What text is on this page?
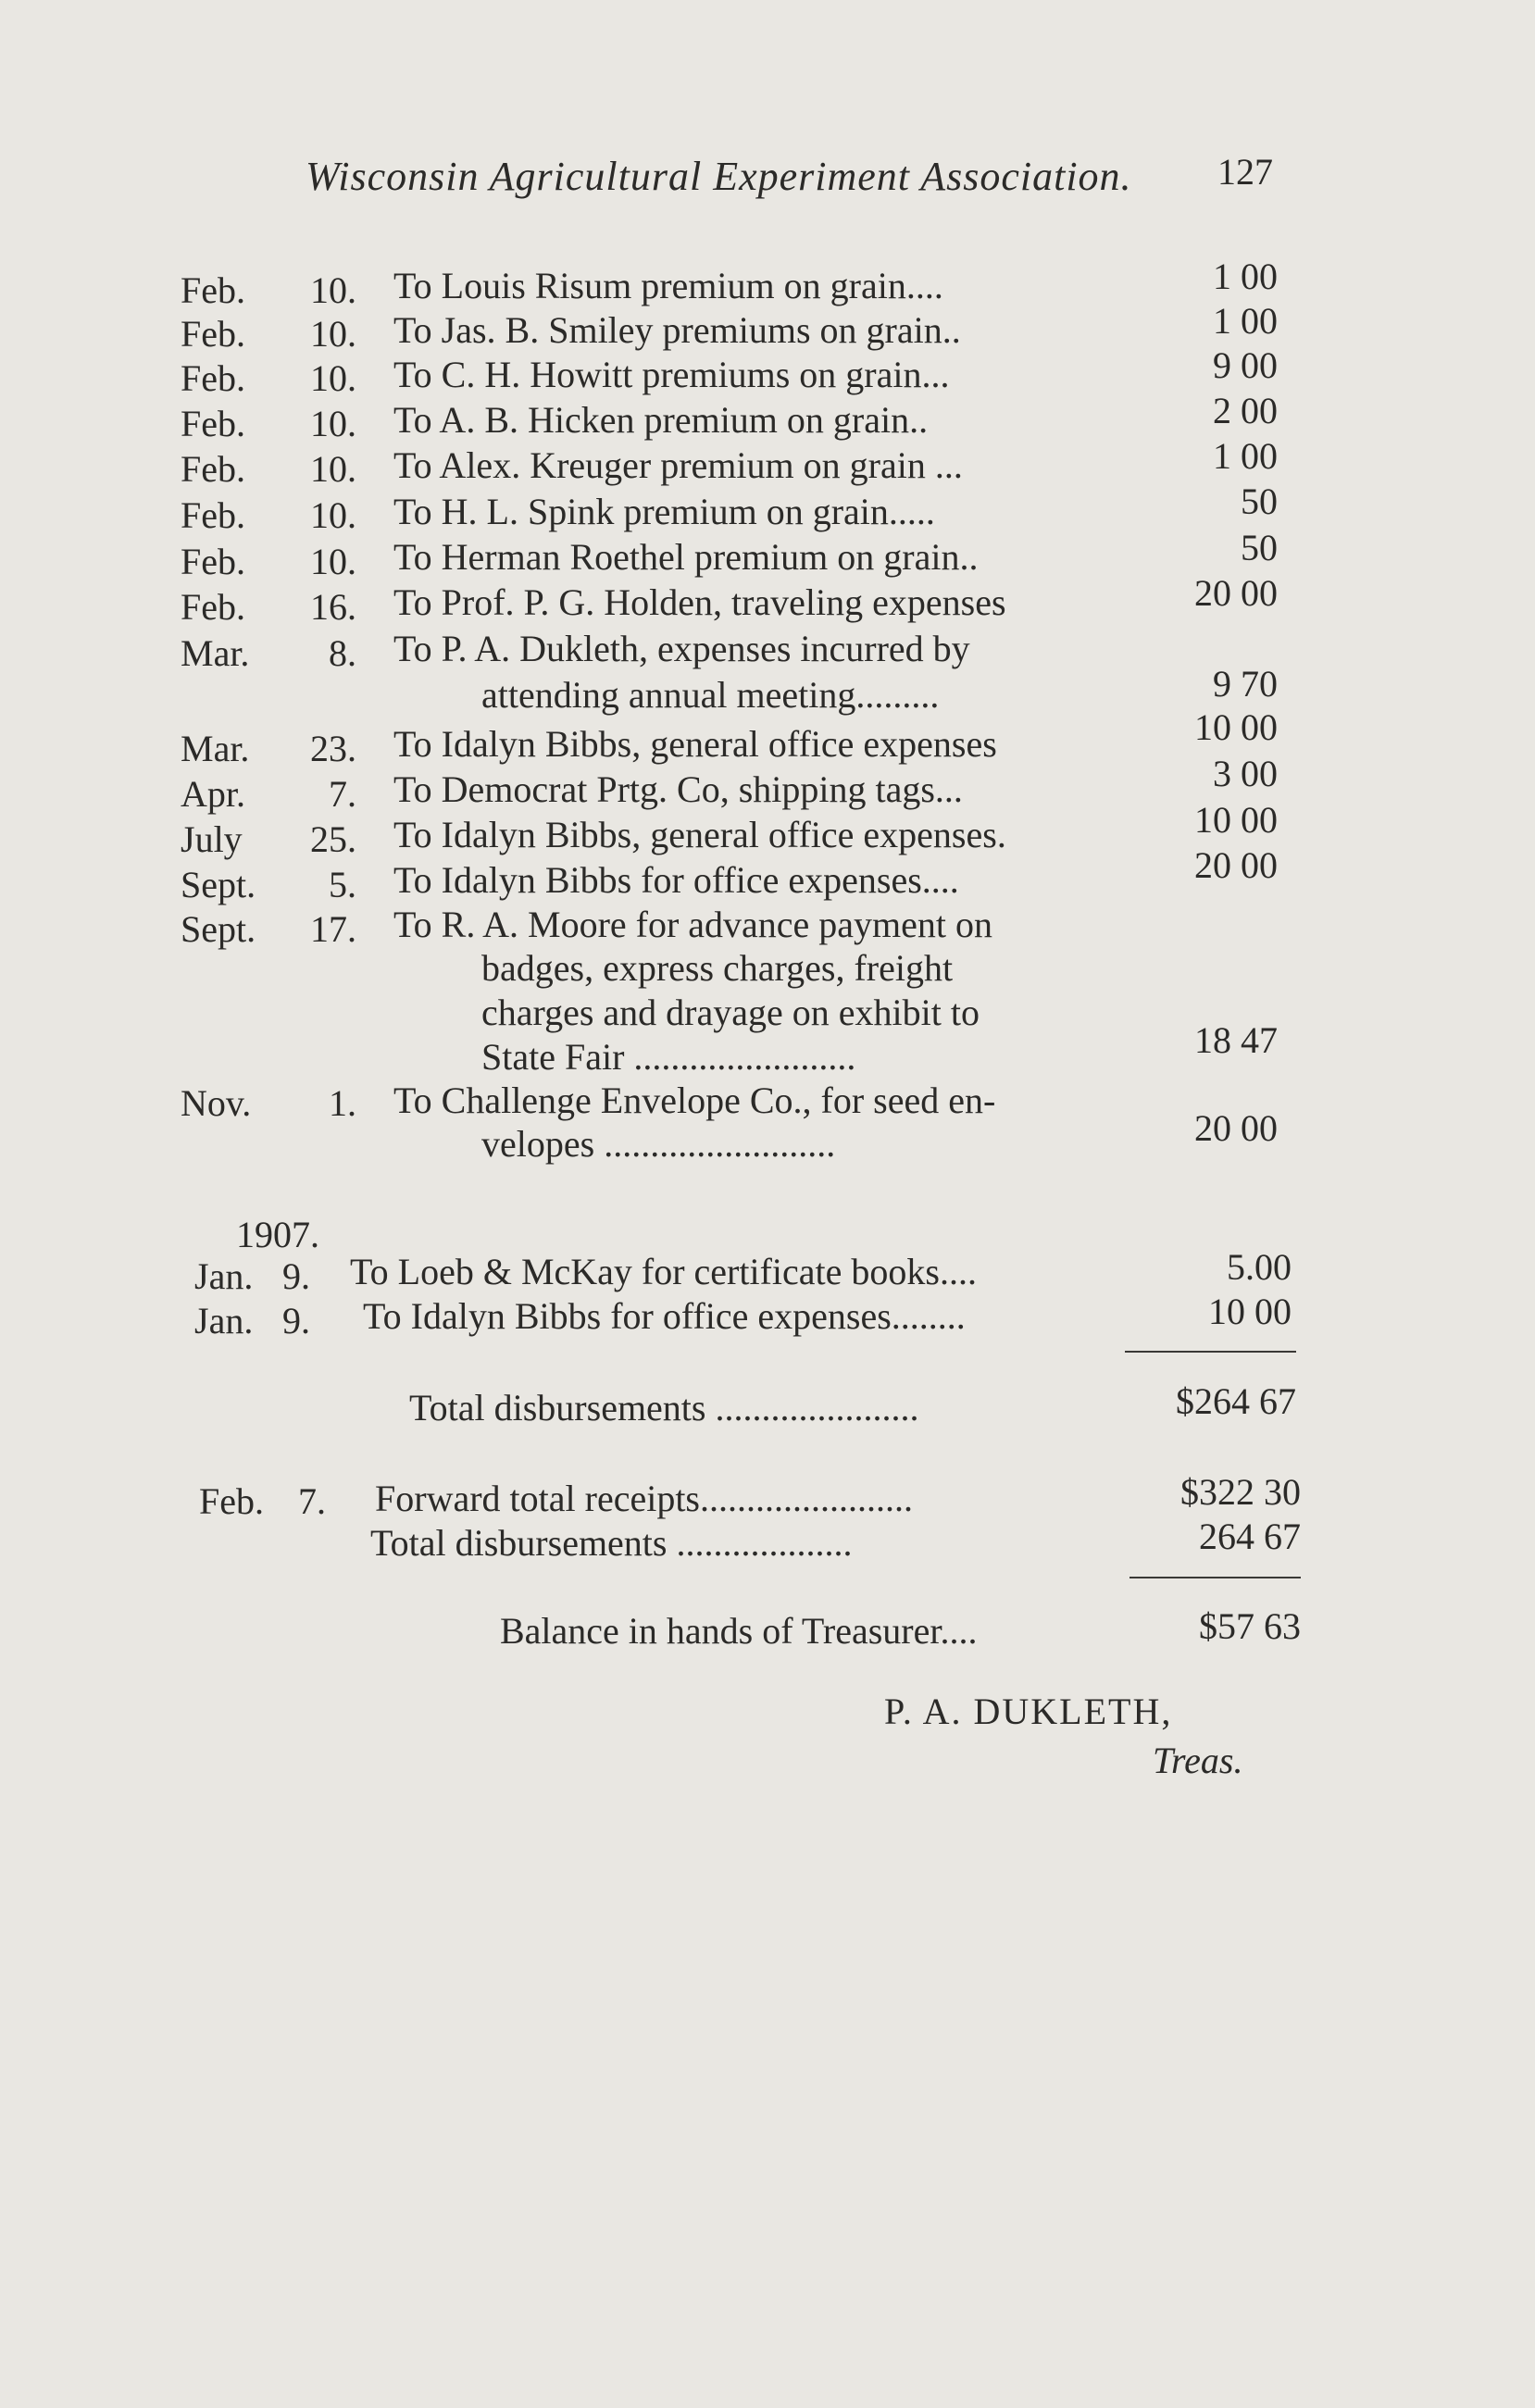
Wisconsin Agricultural Experiment Association.	127
Feb.	10. To Louis Risum premium on grain....	1 00
Feb.	10. To Jas. B. Smiley premiums on grain..	1 00
Feb.	10. To C. H. Howitt premiums on grain...	9 00
Feb.	10. To A. B. Hicken premium on grain..	2 00
Feb.	10. To Alex. Kreuger premium on grain ...	1 00
Feb.	10. To H. L. Spink premium on grain.....	50
Feb.	10. To Herman Roethel premium on grain..	50
Feb.	16. To Prof. P. G. Holden, traveling expenses	20 00
Mar.	8. To P. A. Dukleth, expenses incurred by
attending annual meeting.........	9 70
Mar.	23. To Idalyn Bibbs, general office expenses	10 00
Apr.	7. To Democrat Prtg. Co, shipping tags...	3 00
July	25. To Idalyn Bibbs, general office expenses.	10 00
Sept.	5. To Idalyn Bibbs for office expenses....	20 00
Sept.	17. To R. A. Moore for advance payment on
badges, express charges, freight
charges and drayage on exhibit to
State Fair ........................	18 47
Nov.	1. To Challenge Envelope Co., for seed en-
velopes .........................	20 00
1907.
Jan. 9. To Loeb & McKay for certificate books....	5.00
Jan. 9. To Idalyn Bibbs for office expenses........	10 00
Total disbursements ......................	$264 67
Feb. 7. Forward total receipts.......................	$322 30
Total disbursements ...................	264 67
Balance in hands of Treasurer....	$57 63
P. A. DUKLETH,
Treas.
